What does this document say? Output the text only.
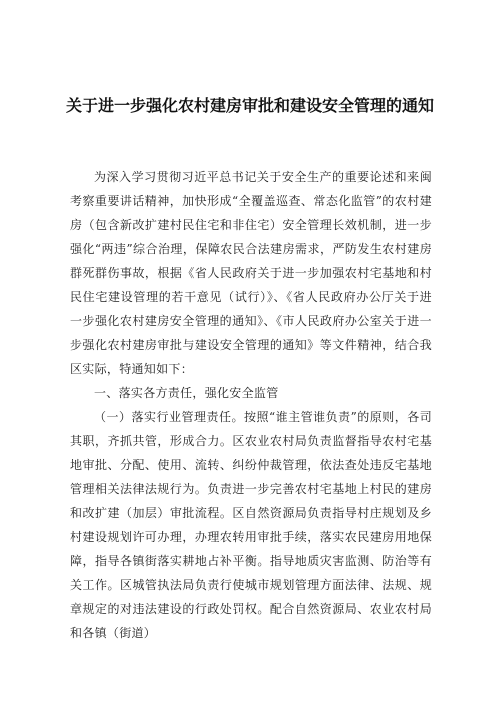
关于进一步强化农村建房审批和建设安全管理的通知

为深入学习贯彻习近平总书记关于安全生产的重要论述和来闽考察重要讲话精神，加快形成“全覆盖巡查、常态化监管”的农村建房（包含新改扩建村民住宅和非住宅）安全管理长效机制，进一步强化“两违”综合治理，保障农民合法建房需求，严防发生农村建房群死群伤事故，根据《省人民政府关于进一步加强农村宅基地和村民住宅建设管理的若干意见（试行）》、《省人民政府办公厅关于进一步强化农村建房安全管理的通知》、《市人民政府办公室关于进一步强化农村建房审批与建设安全管理的通知》等文件精神，结合我区实际，特通知如下：

一、落实各方责任，强化安全监管

（一）落实行业管理责任。按照“谁主管谁负责”的原则，各司其职，齐抓共管，形成合力。区农业农村局负责监督指导农村宅基地审批、分配、使用、流转、纠纷仲裁管理，依法查处违反宅基地管理相关法律法规行为。负责进一步完善农村宅基地上村民的建房和改扩建（加层）审批流程。区自然资源局负责指导村庄规划及乡村建设规划许可办理，办理农转用审批手续，落实农民建房用地保障，指导各镇街落实耕地占补平衡。指导地质灾害监测、防治等有关工作。区城管执法局负责行使城市规划管理方面法律、法规、规章规定的对违法建设的行政处罚权。配合自然资源局、农业农村局和各镇（街道）
